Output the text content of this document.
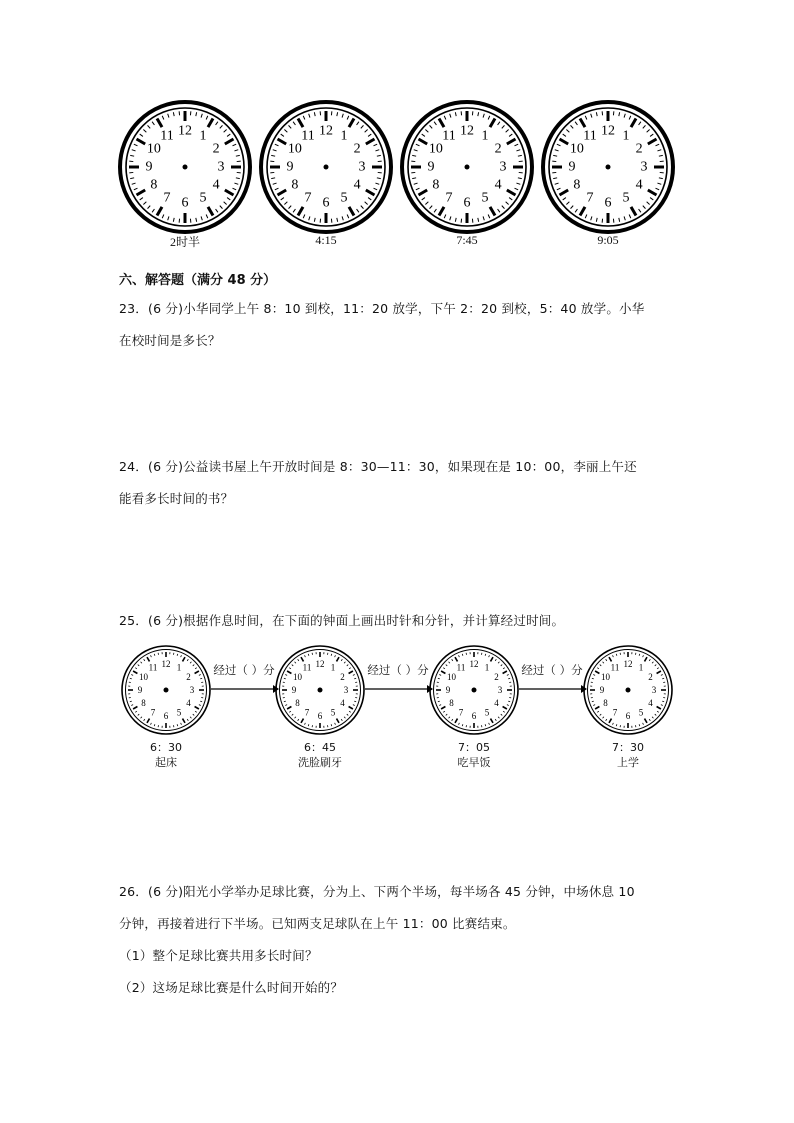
12 1
2
3
4
5
6
7
8
9
10
11
2时半
12 1
2
3
4
5
6
7
8
9
10
11
4:15
12 1
2
3
4
5
6
7
8
9
10
11
7:45
12 1
2
3
4
5
6
7
8
9
10
11
9:05
六、解答题（满分 48 分）

23．(6 分)小华同学上午 8：10 到校，11：20 放学，下午 2：20 到校，5：40 放学。小华

在校时间是多长？

24．(6 分)公益读书屋上午开放时间是 8：30—11：30，如果现在是 10：00，李丽上午还

能看多长时间的书？

25．(6 分)根据作息时间，在下面的钟面上画出时针和分针，并计算经过时间。

12 1
2
3
4
5
6
7
8
9
10
11
6：30
起床
经过（ ）分	12 1
2
3
4
5
6
7
8
9
10
11
6：45
洗脸刷牙
经过（ ）分	12 1
2
3
4
5
6
7
8
9
10
11
7：05
吃早饭
经过（ ）分	12 1
2
3
4
5
6
7
8
9
10
11
7：30
上学

26．(6 分)阳光小学举办足球比赛，分为上、下两个半场，每半场各 45 分钟，中场休息 10

分钟，再接着进行下半场。已知两支足球队在上午 11：00 比赛结束。

（1）整个足球比赛共用多长时间？

（2）这场足球比赛是什么时间开始的？
